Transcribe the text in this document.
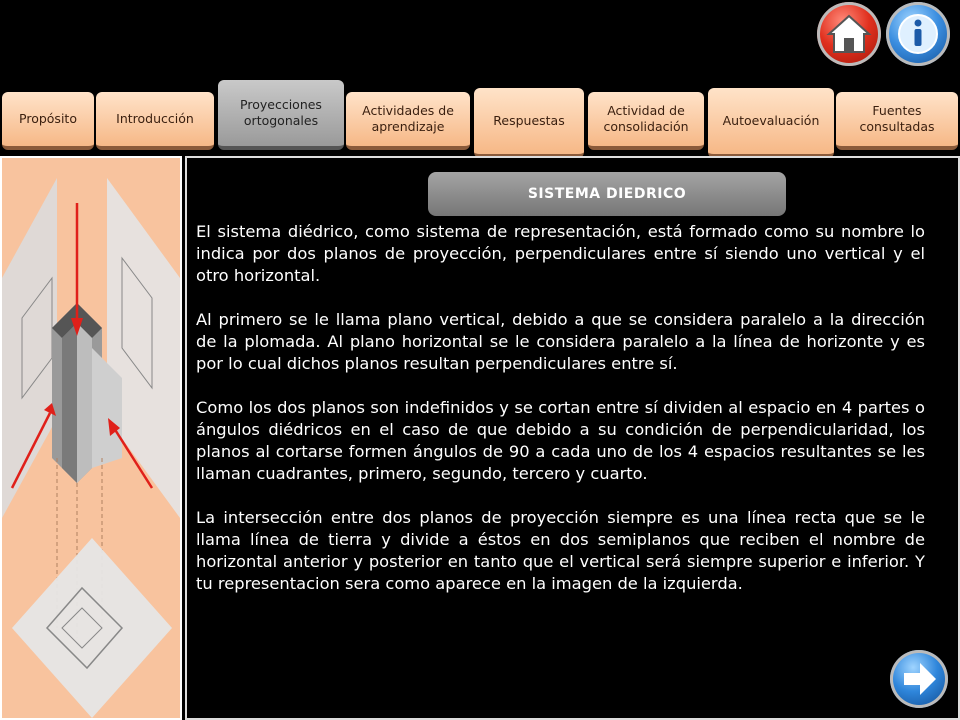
Propósito	Introducción
Proyecciones ortogonales
Actividades de aprendizaje	Respuestas
Actividad de consolidación	Autoevaluación
Fuentes consultadas
SISTEMA DIEDRICO

El sistema diédrico, como sistema de representación, está formado como su nombre lo indica por dos planos de proyección, perpendiculares entre sí siendo uno vertical y el otro horizontal.

Al primero se le llama plano vertical, debido a que se considera paralelo a la dirección de la plomada. Al plano horizontal se le considera paralelo a la línea de horizonte y es por lo cual dichos planos resultan perpendiculares entre sí.

Como los dos planos son indefinidos y se cortan entre sí dividen al espacio en 4 partes o ángulos diédricos en el caso de que debido a su condición de perpendicularidad, los planos al cortarse formen ángulos de 90 a cada uno de los 4 espacios resultantes se les llaman cuadrantes, primero, segundo, tercero y cuarto.

La intersección entre dos planos de proyección siempre es una línea recta que se le llama línea de tierra y divide a éstos en dos semiplanos que reciben el nombre de horizontal anterior y posterior en tanto que el vertical será siempre superior e inferior. Y tu representacion sera como aparece en la imagen de la izquierda.
